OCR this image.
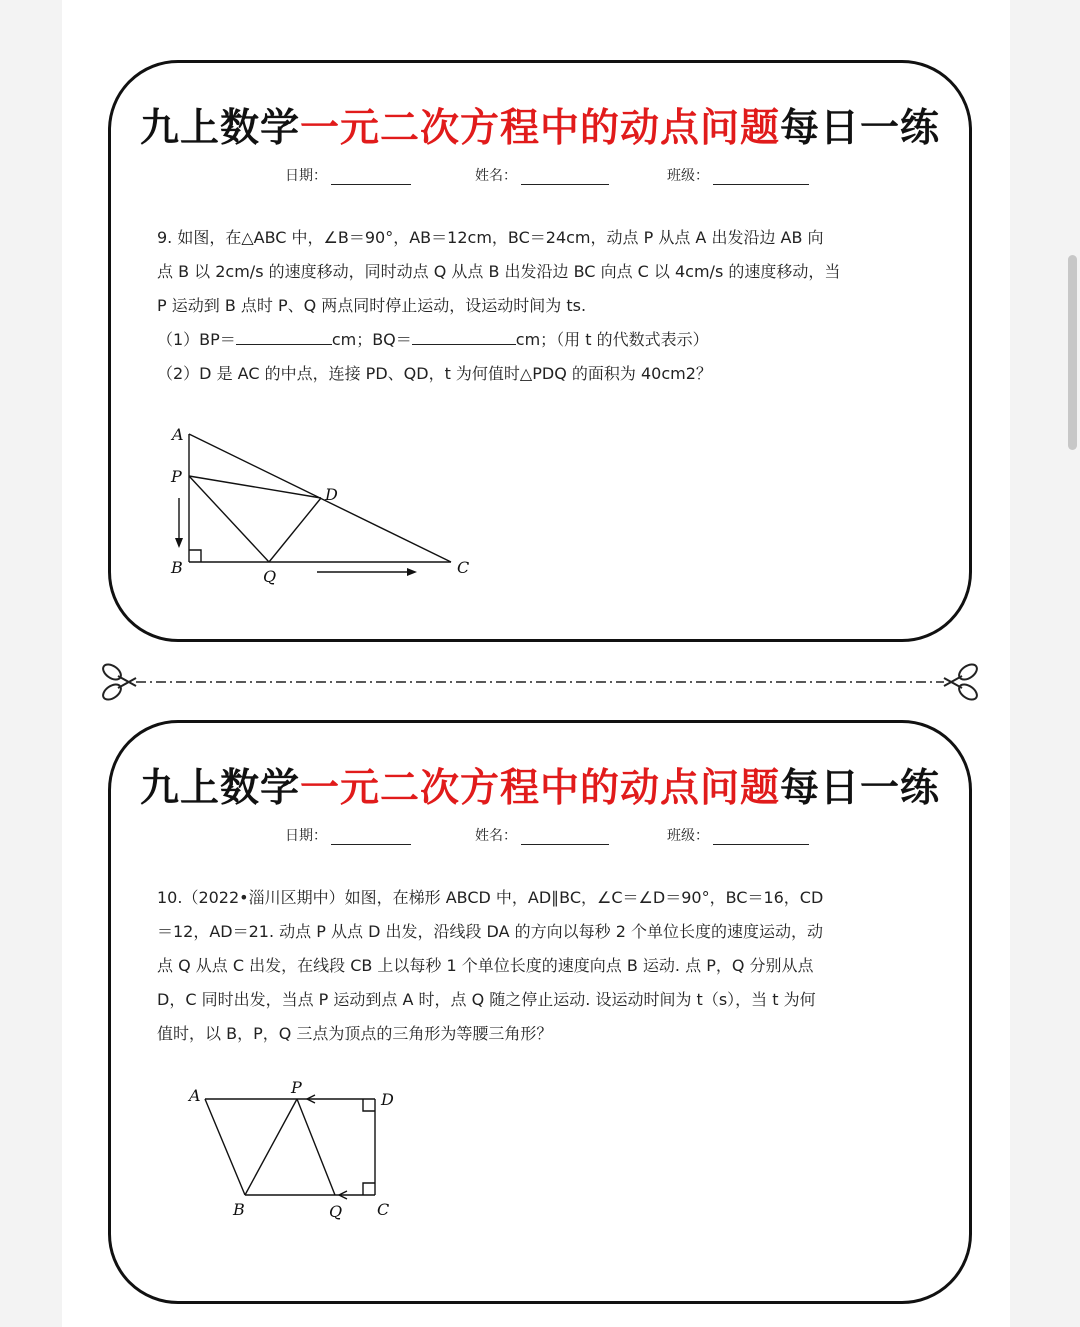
九上数学一元二次方程中的动点问题每日一练
日期：	姓名：	班级：

9. 如图，在△ABC 中，∠B＝90°，AB＝12cm，BC＝24cm，动点 P 从点 A 出发沿边 AB 向

点 B 以 2cm/s 的速度移动，同时动点 Q 从点 B 出发沿边 BC 向点 C 以 4cm/s 的速度移动，当

P 运动到 B 点时 P、Q 两点同时停止运动，设运动时间为 ts.

（1）BP＝	cm；BQ＝	cm；（用 t 的代数式表示）

（2）D 是 AC 的中点，连接 PD、QD，t 为何值时△PDQ 的面积为 40cm2？

A
P
B	Q
D
C
九上数学一元二次方程中的动点问题每日一练
日期：	姓名：	班级：

10.（2022•淄川区期中）如图，在梯形 ABCD 中，AD∥BC，∠C＝∠D＝90°，BC＝16，CD

＝12，AD＝21. 动点 P 从点 D 出发，沿线段 DA 的方向以每秒 2 个单位长度的速度运动，动

点 Q 从点 C 出发，在线段 CB 上以每秒 1 个单位长度的速度向点 B 运动. 点 P，Q 分别从点

D，C 同时出发，当点 P 运动到点 A 时，点 Q 随之停止运动. 设运动时间为 t（s），当 t 为何

值时，以 B，P，Q 三点为顶点的三角形为等腰三角形？

A	P
D
B	Q C
